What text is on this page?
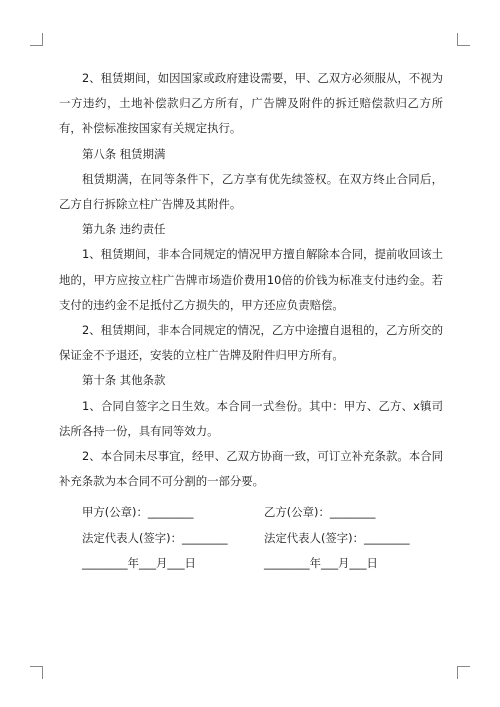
2、租赁期间，如因国家或政府建设需要，甲、乙双方必须服从，不视为一方违约，土地补偿款归乙方所有，广告牌及附件的拆迁赔偿款归乙方所有，补偿标准按国家有关规定执行。

第八条 租赁期满

租赁期满，在同等条件下，乙方享有优先续签权。在双方终止合同后，乙方自行拆除立柱广告牌及其附件。

第九条 违约责任

1、租赁期间，非本合同规定的情况甲方擅自解除本合同，提前收回该土地的，甲方应按立柱广告牌市场造价费用10倍的价钱为标准支付违约金。若支付的违约金不足抵付乙方损失的，甲方还应负责赔偿。

2、租赁期间，非本合同规定的情况，乙方中途擅自退租的，乙方所交的保证金不予退还，安装的立柱广告牌及附件归甲方所有。

第十条 其他条款

1、合同自签字之日生效。本合同一式叁份。其中：甲方、乙方、x镇司法所各持一份，具有同等效力。

2、本合同未尽事宜，经甲、乙双方协商一致，可订立补充条款。本合同补充条款为本合同不可分割的一部分要。

甲方(公章)：________	乙方(公章)：________
法定代表人(签字)：________	法定代表人(签字)：________
________年___月___日	________年___月___日
